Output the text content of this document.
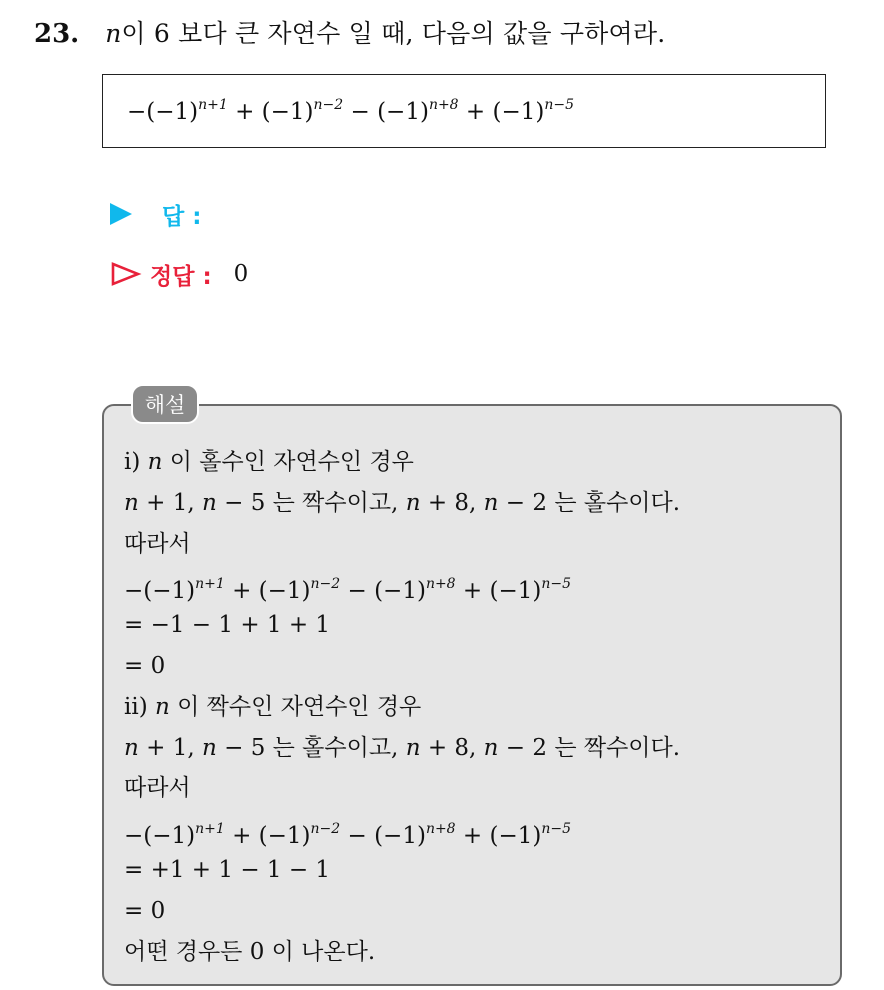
23. n 이 6 보다 큰 자연수 일 때, 다음의 값을 구하여라.
$-(-1)^{n+1} + (-1)^{n-2} - (-1)^{n+8} + (-1)^{n-5}$
답 :
정답 : 0
해설
ⅰ) n 이 홀수인 자연수인 경우
n + 1, n − 5 는 짝수이고, n + 8, n − 2 는 홀수이다.
따라서
$-(-1)^{n+1} + (-1)^{n-2} - (-1)^{n+8} + (-1)^{n-5}$
= −1 − 1 + 1 + 1
= 0
ⅱ) n 이 짝수인 자연수인 경우
n + 1, n − 5 는 홀수이고, n + 8, n − 2 는 짝수이다.
따라서
$-(-1)^{n+1} + (-1)^{n-2} - (-1)^{n+8} + (-1)^{n-5}$
= +1 + 1 − 1 − 1
= 0
어떤 경우든 0 이 나온다.
